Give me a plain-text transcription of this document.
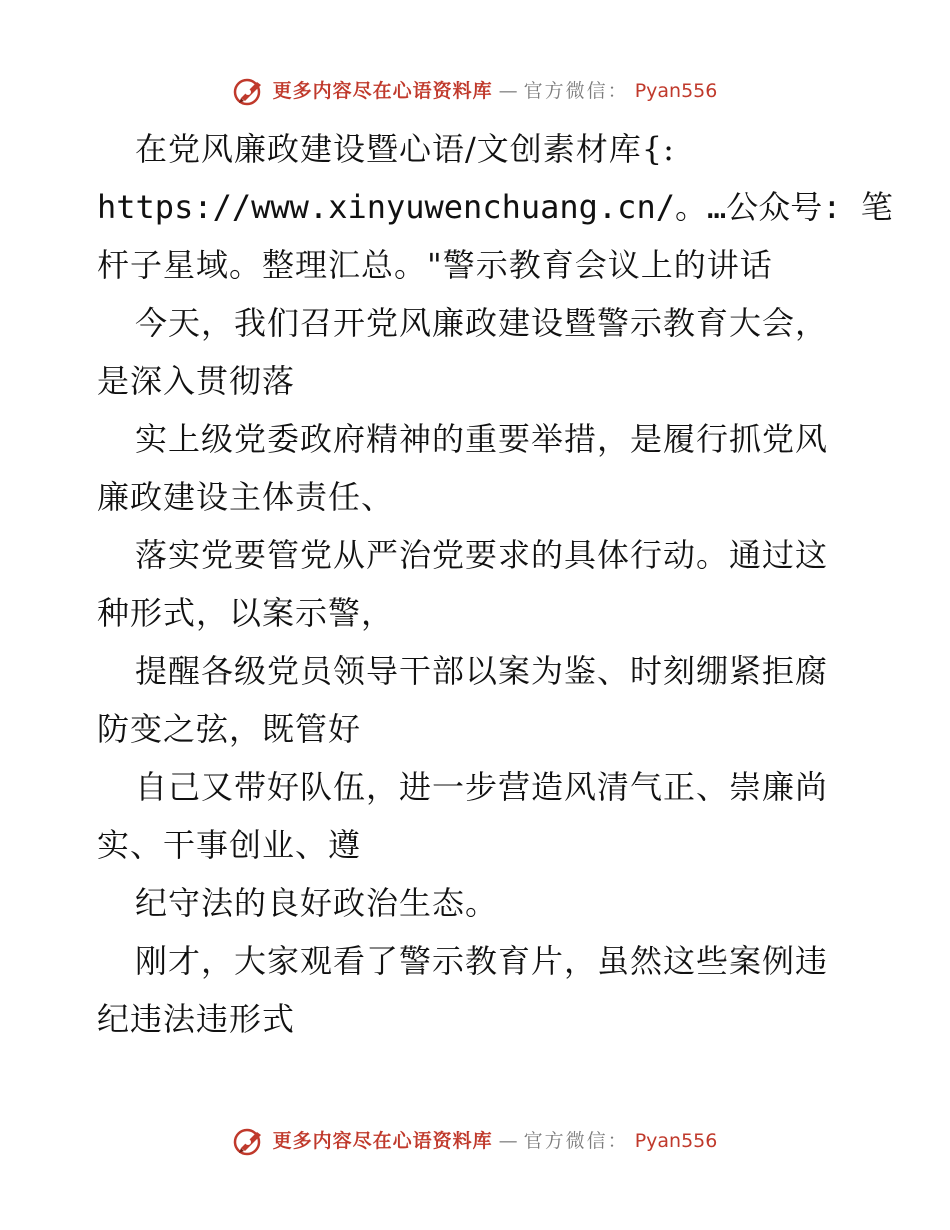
更多内容尽在心语资料库 — 官方微信： Pyan556
在党风廉政建设暨心语/文创素材库{:
https://www.xinyuwenchuang.cn/。…公众号: 笔
杆子星域。整理汇总。"警示教育会议上的讲话
今天，我们召开党风廉政建设暨警示教育大会，
是深入贯彻落
实上级党委政府精神的重要举措，是履行抓党风
廉政建设主体责任、
落实党要管党从严治党要求的具体行动。通过这
种形式，以案示警，
提醒各级党员领导干部以案为鉴、时刻绷紧拒腐
防变之弦，既管好
自己又带好队伍，进一步营造风清气正、崇廉尚
实、干事创业、遵
纪守法的良好政治生态。
刚才，大家观看了警示教育片，虽然这些案例违
纪违法违形式
更多内容尽在心语资料库 — 官方微信： Pyan556
